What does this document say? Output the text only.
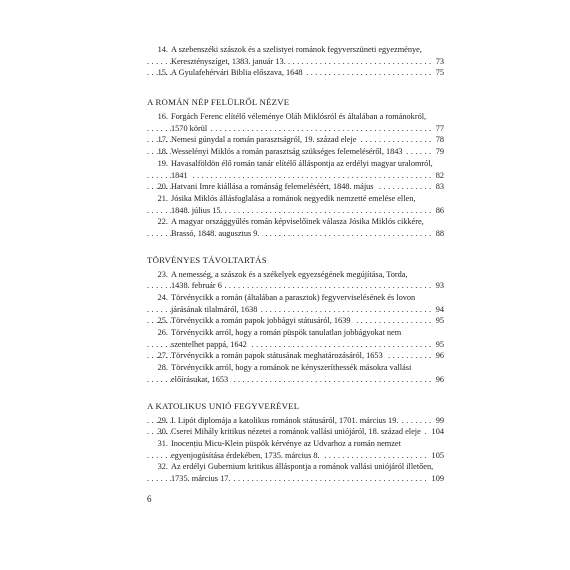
14. A szebenszéki szászok és a szelistyei románok fegyverszüneti egyezménye,
Keresztényszíget, 1383. január 13.	73
. . .
15. A Gyulafehérvári Biblia előszava, 1648	75
. . .
A ROMÁN NÉP FELÜLRŐL NÉZVE
16. Forgách Ferenc elítélő véleménye Oláh Miklósról és általában a románokról,
1570 körül	77
. . .
17. Nemesi gúnydal a román parasztságról, 19. század eleje	78
. . .
18. Wesselényi Miklós a román parasztság szükséges felemeléséről, 1843	79
. . .
19. Havasalföldön élő román tanár elítélő álláspontja az erdélyi magyar uralomról,
1841	82
. . .
20. Hatvani Imre kiállása a románság felemeléséért, 1848. május	83
. . .
21. Jósika Miklós állásfoglalása a románok negyedik nemzetté emelése ellen,
1848. július 15.	86
. . .
22. A magyar országgyűlés román képviselőinek válasza Jósika Miklós cikkére,
Brassó, 1848. augusztus 9.	88
. . .
TÖRVÉNYES TÁVOLTARTÁS
23. A nemesség, a szászok és a székelyek egyezségének megújítása, Torda,
1438. február 6	93
. . .
24. Törvénycikk a román (általában a parasztok) fegyverviselésének és lovon
járásának tilalmáról, 1638	94
. . .
25. Törvénycikk a román papok jobbágyi státusáról, 1639	95
. . .
26. Törvénycikk arról, hogy a román püspök tanulatlan jobbágyokat nem
szentelhet pappá, 1642	95
. . .
27. Törvénycikk a román papok státusának meghatározásáról, 1653	96
. . .
28. Törvénycikk arról, hogy a románok ne kényszeríthessék másokra vallási
előírásukat, 1653	96
. . .
A KATOLIKUS UNIÓ FEGYVERÉVEL
29. I. Lipót diplomája a katolikus románok státusáról, 1701. március 19.	99
. . .
30. Cserei Mihály kritikus nézetei a románok vallási uniójáról, 18. század eleje	104
. . .
31. Inocențiu Micu-Klein püspök kérvénye az Udvarhoz a román nemzet
egyenjogúsítása érdekében, 1735. március 8.	105
. . .
32. Az erdélyi Gubernium kritikus álláspontja a románok vallási uniójáról illetően,
1735. március 17.	109
. . .
6
